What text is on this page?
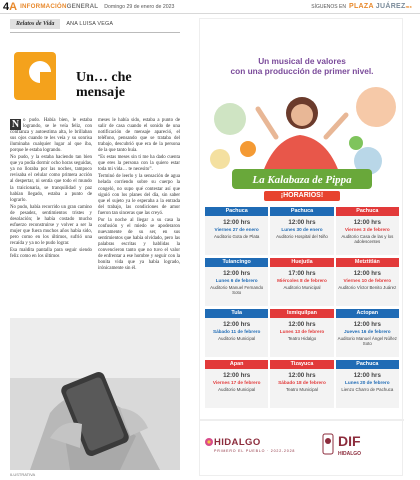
4A INFORMACIÓNGENERAL Domingo 29 de enero de 2023	SÍGUENOS EN PLAZA JUÁREZmx
Relatos de Vida	ANA LUISA VEGA
Un… che
mensaje

N o pudo. Había bien, le estaba logrando, se le veía feliz, con confianza y autoestima alta, le brillaban sus ojos cuando te les veía y su sonrisa iluminaba cualquier lugar al que iba, porque le estaba logrando.

No pudo, y la estaba haciendo tan bien que ya podía dormir ocho horas seguidas, ya no lloraba por las noches, tampoco revisaba el celular como primera acción al despertar, ni sentía que todo el mundo la traicionaria, se tranquilidad y paz habían llegado, estaba a punto de lograrlo.

No pudo, había recorrido un gran camino de pesadez, sentimientos tristes y desolación; le había costado mucho esfuerzo reconstruirse y volver a ser la mujer que fuera muchos años había sido, pero como en los últimos, sufrió una recaída y ya no le pudo lograr.

Esa maldita pantalla para seguir siendo feliz como en los últimos

meses le había sido, estaba a punto de salir de casa cuando el sonido de una notificación de mensaje apareció, el teléfono, pensando que se trataba del trabajo, descubrió que era de la persona de la que tanto huía.

“Es estas meses sin ti me ha dado cuenta que eres la persona con la quiero estar toda mi vida… te necesito”.

Terminó de leerlo y la sensación de agua helada corriendo sobre su cuerpo la congeló, no supo qué contestar así que siguió con los planes del día, sin saber que el sujeto ya le esperaba a la entrada del trabajo, las condiciones de amor fueron tan sinceras que las creyó.

Por la noche al llegar a su casa la confusión y el miedo se apoderaron nuevamente de su ser, en sus sentimientos que había olvidado, pero las palabras escritas y hablidas la convencieron tanto que no tuvo el valor de enfrentar a ese hombre y seguir con la bonita vida que ya había logrado, irónicamente sin él.

ILUSTRATIVA
Un musical de valores
con una producción de primer nivel.
La Kalabaza de Pippa
¡HORARIOS!
Pachuca
12:00 hrs
Viernes 27 de enero
Auditorio Gota de Plata
Pachuca
12:00 hrs
Lunes 30 de enero
Auditorio Hospital del Niño
Pachuca
12:00 hrs
Viernes 3 de febrero
Auditorio Casa de las y los adolescentes
Tulancingo
12:00 hrs
Lunes 6 de febrero
Auditorio Manuel Fernando Soto
Huejutla
17:00 hrs
Miércoles 8 de febrero
Auditorio Municipal
Metztitlán
12:00 hrs
Viernes 10 de febrero
Auditorio Víctor Benito Juárez
Tula
12:00 hrs
Sábado 11 de febrero
Auditorio Municipal
Ixmiquilpan
12:00 hrs
Lunes 13 de febrero
Teatro Hidalgo
Actopan
12:00 hrs
Jueves 16 de febrero
Auditorio Manuel Ángel Núñez Soto
Apan
12:00 hrs
Viernes 17 de febrero
Auditorio Municipal
Tizayuca
12:00 hrs
Sábado 18 de febrero
Teatro Municipal
Pachuca
12:00 hrs
Lunes 20 de febrero
Lienzo Charro de Pachuca
HIDALGO
PRIMERO EL PUEBLO · 2022-2028
DIF
HIDALGO
